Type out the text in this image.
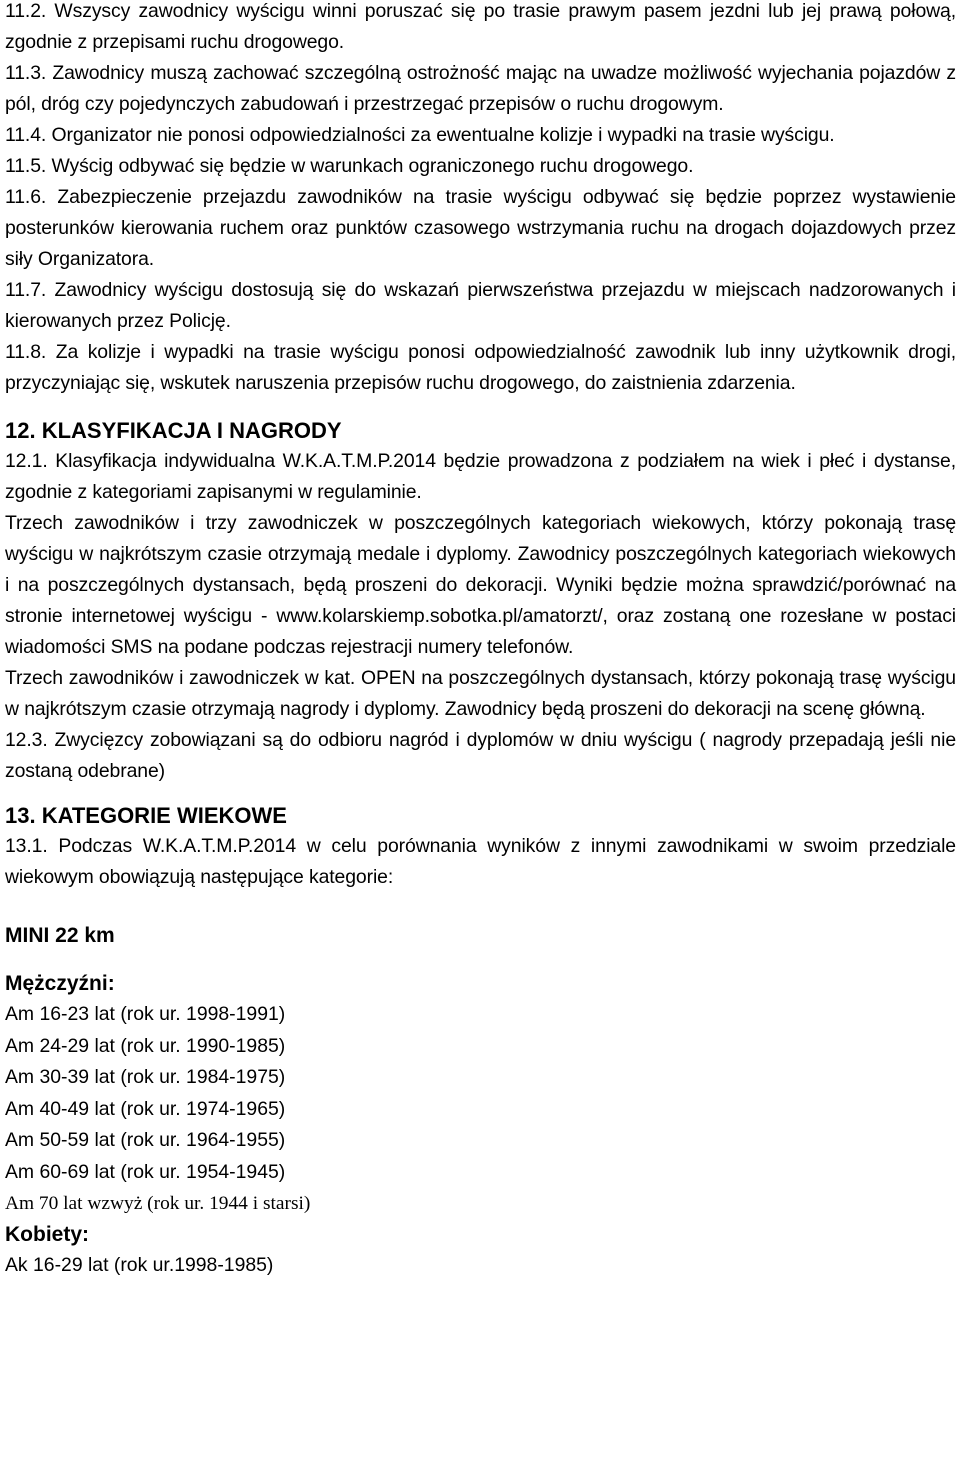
11.2. Wszyscy zawodnicy wyścigu winni poruszać się po trasie prawym pasem jezdni lub jej prawą połową, zgodnie z przepisami ruchu drogowego.

11.3. Zawodnicy muszą zachować szczególną ostrożność mając na uwadze możliwość wyjechania pojazdów z pól, dróg czy pojedynczych zabudowań i przestrzegać przepisów o ruchu drogowym.

11.4. Organizator nie ponosi odpowiedzialności za ewentualne kolizje i wypadki na trasie wyścigu.

11.5. Wyścig odbywać się będzie w warunkach ograniczonego ruchu drogowego.

11.6. Zabezpieczenie przejazdu zawodników na trasie wyścigu odbywać się będzie poprzez wystawienie posterunków kierowania ruchem oraz punktów czasowego wstrzymania ruchu na drogach dojazdowych przez siły Organizatora.

11.7. Zawodnicy wyścigu dostosują się do wskazań pierwszeństwa przejazdu w miejscach nadzorowanych i kierowanych przez Policję.

11.8. Za kolizje i wypadki na trasie wyścigu ponosi odpowiedzialność zawodnik lub inny użytkownik drogi, przyczyniając się, wskutek naruszenia przepisów ruchu drogowego, do zaistnienia zdarzenia.

12. KLASYFIKACJA I NAGRODY

12.1. Klasyfikacja indywidualna W.K.A.T.M.P.2014 będzie prowadzona z podziałem na wiek i płeć i dystanse, zgodnie z kategoriami zapisanymi w regulaminie.

Trzech zawodników i trzy zawodniczek w poszczególnych kategoriach wiekowych, którzy pokonają trasę wyścigu w najkrótszym czasie otrzymają medale i dyplomy. Zawodnicy poszczególnych kategoriach wiekowych i na poszczególnych dystansach, będą proszeni do dekoracji. Wyniki będzie można sprawdzić/porównać na stronie internetowej wyścigu - www.kolarskiemp.sobotka.pl/amatorzt/, oraz zostaną one rozesłane w postaci wiadomości SMS na podane podczas rejestracji numery telefonów.

Trzech zawodników i zawodniczek w kat. OPEN na poszczególnych dystansach, którzy pokonają trasę wyścigu w najkrótszym czasie otrzymają nagrody i dyplomy. Zawodnicy będą proszeni do dekoracji na scenę główną.

12.3. Zwycięzcy zobowiązani są do odbioru nagród i dyplomów w dniu wyścigu ( nagrody przepadają jeśli nie zostaną odebrane)

13. KATEGORIE WIEKOWE

13.1. Podczas W.K.A.T.M.P.2014 w celu porównania wyników z innymi zawodnikami w swoim przedziale wiekowym obowiązują następujące kategorie:

MINI 22 km
Mężczyźni:

Am 16-23 lat (rok ur. 1998-1991)

Am 24-29 lat (rok ur. 1990-1985)

Am 30-39 lat (rok ur. 1984-1975)

Am 40-49 lat (rok ur. 1974-1965)

Am 50-59 lat (rok ur. 1964-1955)

Am 60-69 lat (rok ur. 1954-1945)

Am 70 lat wzwyż (rok ur. 1944 i starsi)

Kobiety:

Ak 16-29 lat (rok ur.1998-1985)
